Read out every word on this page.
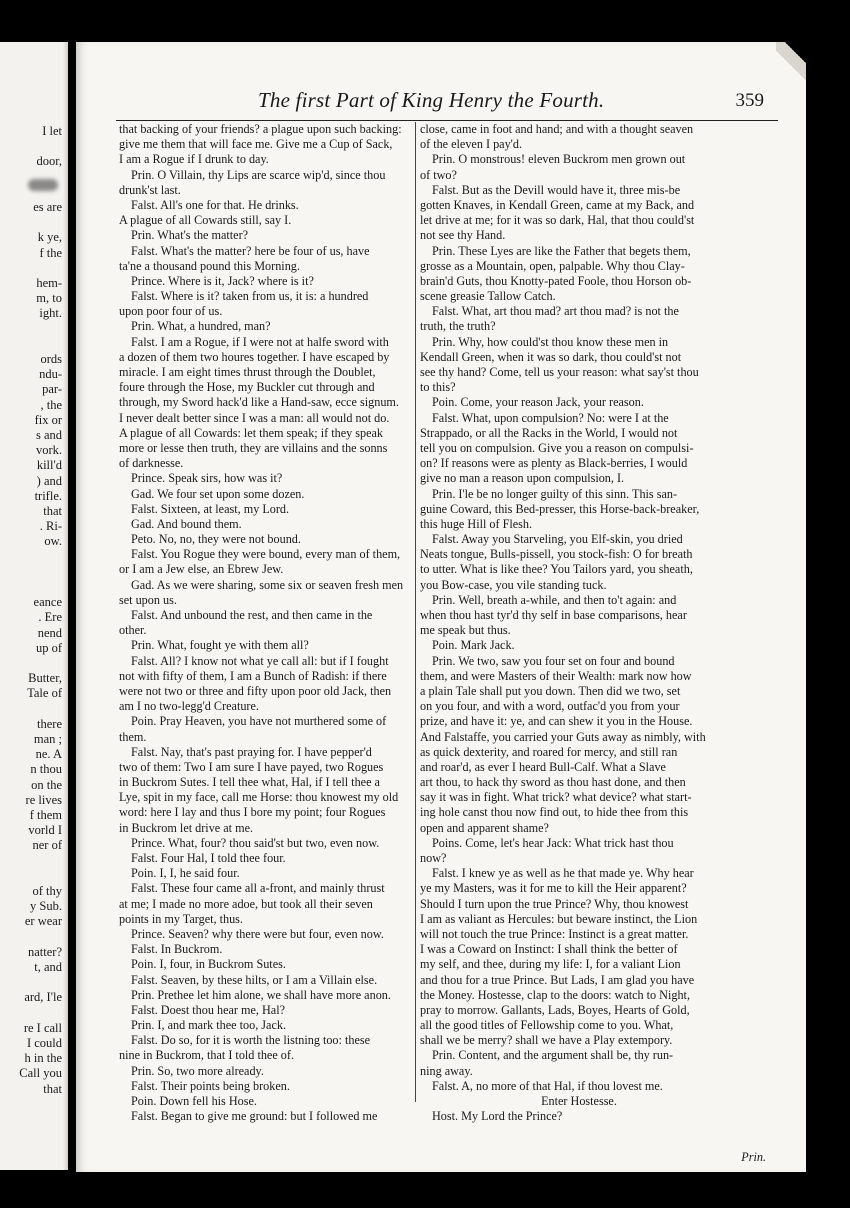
I let
door,
es are
k ye,
f the
hem-
m, to
ight.
ords
ndu-
par-
, the
fix or
s and
vork.
kill'd
) and
trifle.
that
. Ri-
ow.
eance
. Ere
nend
up of
Butter,
Tale of
there
man ;
ne. A
n thou
on the
re lives
f them
vorld I
ner of
of thy
y Sub.
er wear
natter?
t, and
ard, I'le
re I call
I could
h in the
Call you
that
The first Part of King Henry the Fourth.	359
that backing of your friends? a plague upon such backing:
give me them that will face me. Give me a Cup of Sack,
I am a Rogue if I drunk to day.
Prin. O Villain, thy Lips are scarce wip'd, since thou
drunk'st last.
Falst. All's one for that. He drinks.
A plague of all Cowards still, say I.
Prin. What's the matter?
Falst. What's the matter? here be four of us, have
ta'ne a thousand pound this Morning.
Prince. Where is it, Jack? where is it?
Falst. Where is it? taken from us, it is: a hundred
upon poor four of us.
Prin. What, a hundred, man?
Falst. I am a Rogue, if I were not at halfe sword with
a dozen of them two houres together. I have escaped by
miracle. I am eight times thrust through the Doublet,
foure through the Hose, my Buckler cut through and
through, my Sword hack'd like a Hand-saw, ecce signum.
I never dealt better since I was a man: all would not do.
A plague of all Cowards: let them speak; if they speak
more or lesse then truth, they are villains and the sonns
of darknesse.
Prince. Speak sirs, how was it?
Gad. We four set upon some dozen.
Falst. Sixteen, at least, my Lord.
Gad. And bound them.
Peto. No, no, they were not bound.
Falst. You Rogue they were bound, every man of them,
or I am a Jew else, an Ebrew Jew.
Gad. As we were sharing, some six or seaven fresh men
set upon us.
Falst. And unbound the rest, and then came in the
other.
Prin. What, fought ye with them all?
Falst. All? I know not what ye call all: but if I fought
not with fifty of them, I am a Bunch of Radish: if there
were not two or three and fifty upon poor old Jack, then
am I no two-legg'd Creature.
Poin. Pray Heaven, you have not murthered some of
them.
Falst. Nay, that's past praying for. I have pepper'd
two of them: Two I am sure I have payed, two Rogues
in Buckrom Sutes. I tell thee what, Hal, if I tell thee a
Lye, spit in my face, call me Horse: thou knowest my old
word: here I lay and thus I bore my point; four Rogues
in Buckrom let drive at me.
Prince. What, four? thou said'st but two, even now.
Falst. Four Hal, I told thee four.
Poin. I, I, he said four.
Falst. These four came all a-front, and mainly thrust
at me; I made no more adoe, but took all their seven
points in my Target, thus.
Prince. Seaven? why there were but four, even now.
Falst. In Buckrom.
Poin. I, four, in Buckrom Sutes.
Falst. Seaven, by these hilts, or I am a Villain else.
Prin. Prethee let him alone, we shall have more anon.
Falst. Doest thou hear me, Hal?
Prin. I, and mark thee too, Jack.
Falst. Do so, for it is worth the listning too: these
nine in Buckrom, that I told thee of.
Prin. So, two more already.
Falst. Their points being broken.
Poin. Down fell his Hose.
Falst. Began to give me ground: but I followed me
close, came in foot and hand; and with a thought seaven
of the eleven I pay'd.
Prin. O monstrous! eleven Buckrom men grown out
of two?
Falst. But as the Devill would have it, three mis-be
gotten Knaves, in Kendall Green, came at my Back, and
let drive at me; for it was so dark, Hal, that thou could'st
not see thy Hand.
Prin. These Lyes are like the Father that begets them,
grosse as a Mountain, open, palpable. Why thou Clay-
brain'd Guts, thou Knotty-pated Foole, thou Horson ob-
scene greasie Tallow Catch.
Falst. What, art thou mad? art thou mad? is not the
truth, the truth?
Prin. Why, how could'st thou know these men in
Kendall Green, when it was so dark, thou could'st not
see thy hand? Come, tell us your reason: what say'st thou
to this?
Poin. Come, your reason Jack, your reason.
Falst. What, upon compulsion? No: were I at the
Strappado, or all the Racks in the World, I would not
tell you on compulsion. Give you a reason on compulsi-
on? If reasons were as plenty as Black-berries, I would
give no man a reason upon compulsion, I.
Prin. I'le be no longer guilty of this sinn. This san-
guine Coward, this Bed-presser, this Horse-back-breaker,
this huge Hill of Flesh.
Falst. Away you Starveling, you Elf-skin, you dried
Neats tongue, Bulls-pissell, you stock-fish: O for breath
to utter. What is like thee? You Tailors yard, you sheath,
you Bow-case, you vile standing tuck.
Prin. Well, breath a-while, and then to't again: and
when thou hast tyr'd thy self in base comparisons, hear
me speak but thus.
Poin. Mark Jack.
Prin. We two, saw you four set on four and bound
them, and were Masters of their Wealth: mark now how
a plain Tale shall put you down. Then did we two, set
on you four, and with a word, outfac'd you from your
prize, and have it: ye, and can shew it you in the House.
And Falstaffe, you carried your Guts away as nimbly, with
as quick dexterity, and roared for mercy, and still ran
and roar'd, as ever I heard Bull-Calf. What a Slave
art thou, to hack thy sword as thou hast done, and then
say it was in fight. What trick? what device? what start-
ing hole canst thou now find out, to hide thee from this
open and apparent shame?
Poins. Come, let's hear Jack: What trick hast thou
now?
Falst. I knew ye as well as he that made ye. Why hear
ye my Masters, was it for me to kill the Heir apparent?
Should I turn upon the true Prince? Why, thou knowest
I am as valiant as Hercules: but beware instinct, the Lion
will not touch the true Prince: Instinct is a great matter.
I was a Coward on Instinct: I shall think the better of
my self, and thee, during my life: I, for a valiant Lion
and thou for a true Prince. But Lads, I am glad you have
the Money. Hostesse, clap to the doors: watch to Night,
pray to morrow. Gallants, Lads, Boyes, Hearts of Gold,
all the good titles of Fellowship come to you. What,
shall we be merry? shall we have a Play extempory.
Prin. Content, and the argument shall be, thy run-
ning away.
Falst. A, no more of that Hal, if thou lovest me.
Enter Hostesse.
Host. My Lord the Prince?
Prin.
